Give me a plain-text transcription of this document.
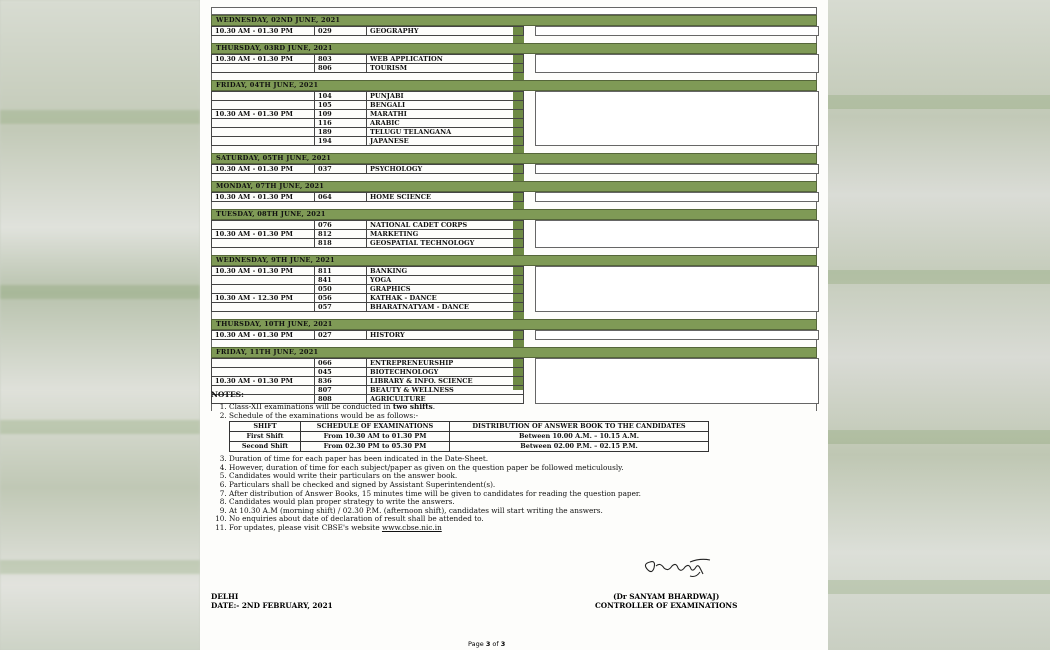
WEDNESDAY, 02ND JUNE, 2021
10.30 AM - 01.30 PM	029	GEOGRAPHY
THURSDAY, 03RD JUNE, 2021
10.30 AM - 01.30 PM	803	WEB APPLICATION
	806	TOURISM
FRIDAY, 04TH JUNE, 2021
	104	PUNJABI
	105	BENGALI
10.30 AM - 01.30 PM	109	MARATHI
	116	ARABIC
	189	TELUGU TELANGANA
	194	JAPANESE
SATURDAY, 05TH JUNE, 2021
10.30 AM - 01.30 PM	037	PSYCHOLOGY
MONDAY, 07TH JUNE, 2021
10.30 AM - 01.30 PM	064	HOME SCIENCE
TUESDAY, 08TH JUNE, 2021
	076	NATIONAL CADET CORPS
10.30 AM - 01.30 PM	812	MARKETING
	818	GEOSPATIAL TECHNOLOGY
WEDNESDAY, 9TH JUNE, 2021
10.30 AM - 01.30 PM	811	BANKING
	841	YOGA
	050	GRAPHICS
10.30 AM - 12.30 PM	056	KATHAK - DANCE
	057	BHARATNATYAM - DANCE
THURSDAY, 10TH JUNE, 2021
10.30 AM - 01.30 PM	027	HISTORY
FRIDAY, 11TH JUNE, 2021
	066	ENTREPRENEURSHIP
	045	BIOTECHNOLOGY
10.30 AM - 01.30 PM	836	LIBRARY & INFO. SCIENCE
	807	BEAUTY & WELLNESS
	808	AGRICULTURE
NOTES:
1. Class-XII examinations will be conducted in two shifts.
2. Schedule of the examinations would be as follows:-
SHIFT	SCHEDULE OF EXAMINATIONS	DISTRIBUTION OF ANSWER BOOK TO THE CANDIDATES
First Shift	From 10.30 AM to 01.30 PM	Between 10.00 A.M. – 10.15 A.M.
Second Shift	From 02.30 PM to 05.30 PM	Between 02.00 P.M. – 02.15 P.M.
3. Duration of time for each paper has been indicated in the Date-Sheet.
4. However, duration of time for each subject/paper as given on the question paper be followed meticulously.
5. Candidates would write their particulars on the answer book.
6. Particulars shall be checked and signed by Assistant Superintendent(s).
7. After distribution of Answer Books, 15 minutes time will be given to candidates for reading the question paper.
8. Candidates would plan proper strategy to write the answers.
9. At 10.30 A.M (morning shift) / 02.30 P.M. (afternoon shift), candidates will start writing the answers.
10. No enquiries about date of declaration of result shall be attended to.
11. For updates, please visit CBSE's website www.cbse.nic.in
DELHI
DATE:- 2ND FEBRUARY, 2021
(Dr SANYAM BHARDWAJ)
CONTROLLER OF EXAMINATIONS
Page 3 of 3
